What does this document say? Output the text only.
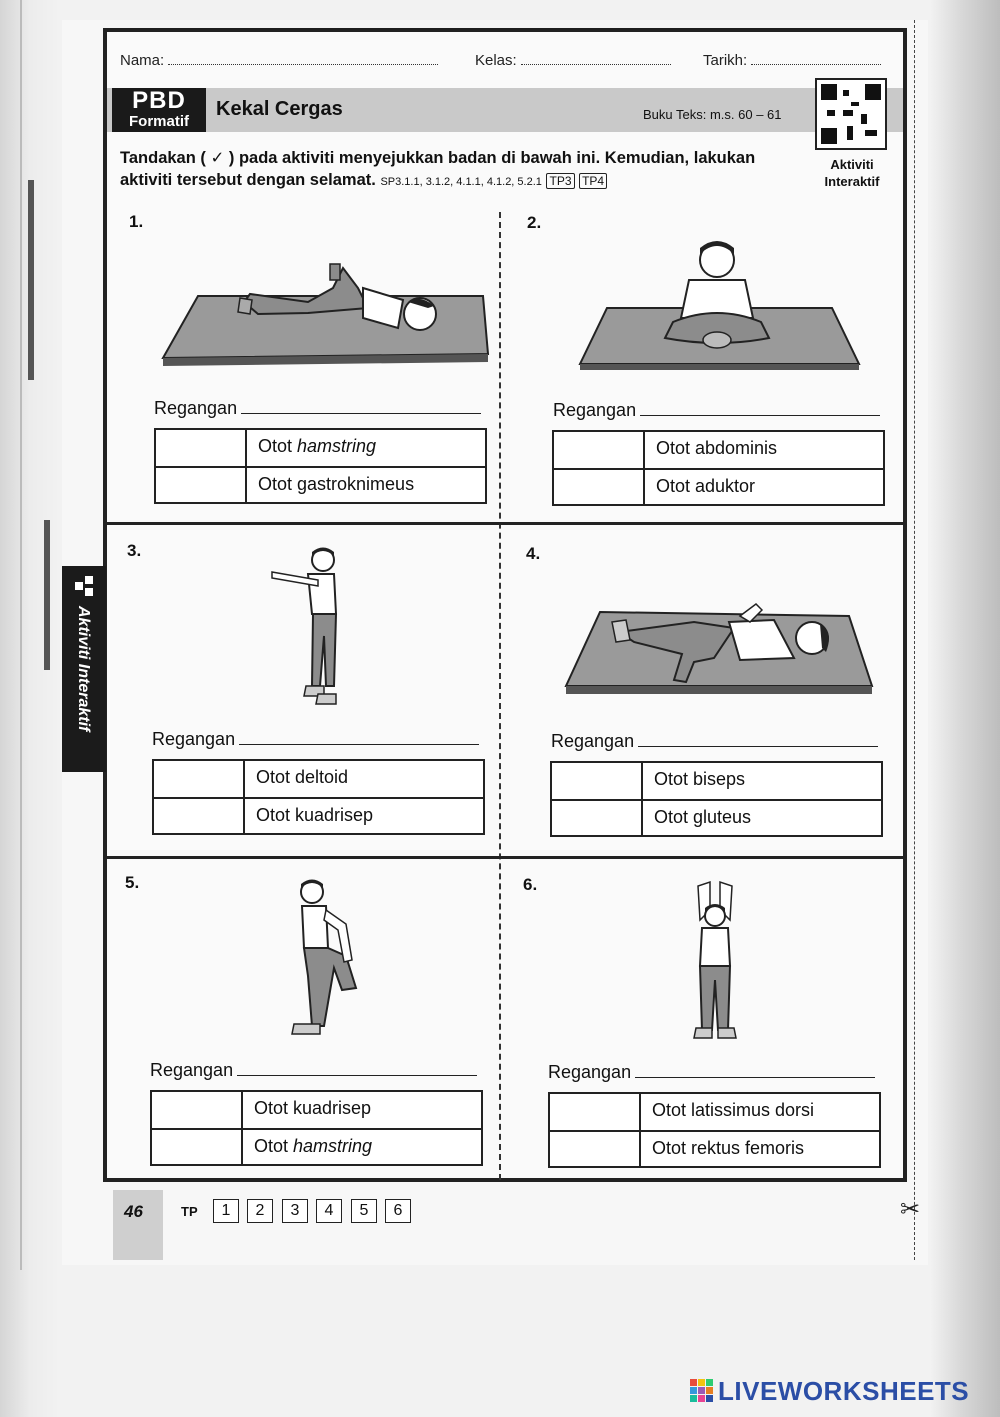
Nama:	Kelas:	Tarikh:
PBD
Formatif
Kekal Cergas	Buku Teks: m.s. 60 – 61
Aktiviti Interaktif
Tandakan ( ✓ ) pada aktiviti menyejukkan badan di bawah ini. Kemudian, lakukan aktiviti tersebut dengan selamat. SP3.1.1, 3.1.2, 4.1.1, 4.1.2, 5.2.1 TP3 TP4
1.
Regangan
Otot hamstring
Otot gastroknimeus
2.
Regangan
Otot abdominis
Otot aduktor
3.
Regangan
Otot deltoid
Otot kuadrisep
4.
Regangan
Otot biseps
Otot gluteus
5.
Regangan
Otot kuadrisep
Otot hamstring
6.
Regangan
Otot latissimus dorsi
Otot rektus femoris
Aktiviti Interaktif
46	TP	1	2	3	4	5	6	✂
LIVEWORKSHEETS
